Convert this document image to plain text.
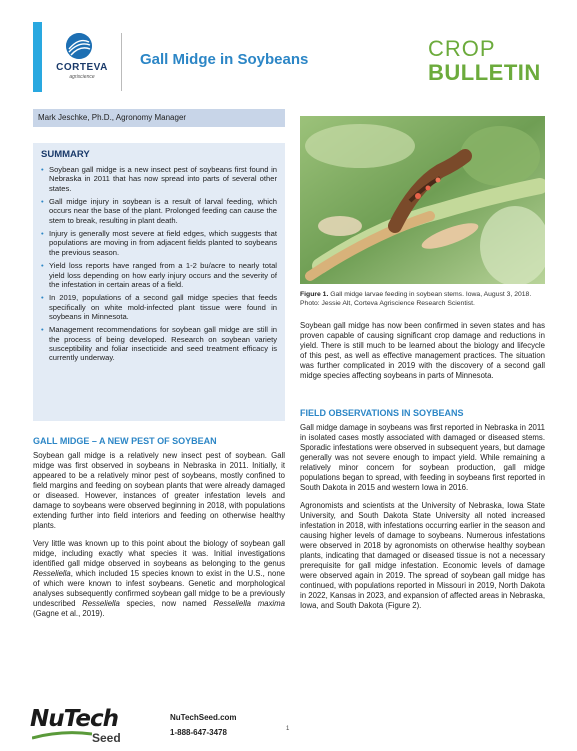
CORTEVA
agriscience
Gall Midge in Soybeans	CROP
BULLETIN
Mark Jeschke, Ph.D., Agronomy Manager
SUMMARY
• Soybean gall midge is a new insect pest of soybeans first found in Nebraska in 2011 that has now spread into parts of several other states.
• Gall midge injury in soybean is a result of larval feeding, which occurs near the base of the plant. Prolonged feeding can cause the stem to break, resulting in plant death.
• Injury is generally most severe at field edges, which suggests that populations are moving in from adjacent fields planted to soybeans the previous season.
• Yield loss reports have ranged from a 1-2 bu/acre to nearly total yield loss depending on how early injury occurs and the severity of the infestation in certain areas of a field.
• In 2019, populations of a second gall midge species that feeds specifically on white mold-infected plant tissue were found in soybeans in Minnesota.
• Management recommendations for soybean gall midge are still in the process of being developed. Research on soybean variety susceptibility and foliar insecticide and seed treatment efficacy is currently underway.
GALL MIDGE – A NEW PEST OF SOYBEAN

Soybean gall midge is a relatively new insect pest of soybean. Gall midge was first observed in soybeans in Nebraska in 2011. Initially, it appeared to be a relatively minor pest of soybeans, mostly confined to field margins and feeding on soybean plants that were already damaged or diseased. However, instances of greater infestation levels and damage to soybeans were observed beginning in 2018, with populations extending further into field interiors and feeding on otherwise healthy plants.

Very little was known up to this point about the biology of soybean gall midge, including exactly what species it was. Initial investigations identified gall midge observed in soybeans as belonging to the genus Resseliella, which included 15 species known to exist in the U.S., none of which were known to infest soybeans. Genetic and morphological analyses subsequently confirmed soybean gall midge to be a previously undescribed Resseliella species, now named Resseliella maxima (Gagne et al., 2019).

Figure 1. Gall midge larvae feeding in soybean stems. Iowa, August 3, 2018. Photo: Jessie Alt, Corteva Agriscience Research Scientist.

Soybean gall midge has now been confirmed in seven states and has proven capable of causing significant crop damage and reductions in yield. There is still much to be learned about the biology and lifecycle of this pest, as well as effective management practices. The situation was further complicated in 2019 with the discovery of a second gall midge species affecting soybeans in parts of Minnesota.

FIELD OBSERVATIONS IN SOYBEANS

Gall midge damage in soybeans was first reported in Nebraska in 2011 in isolated cases mostly associated with damaged or diseased stems. Sporadic infestations were observed in subsequent years, but damage generally was not severe enough to impact yield. While remaining a relatively minor concern for soybean production, gall midge populations began to spread, with feeding in soybeans first reported in South Dakota in 2015 and western Iowa in 2016.

Agronomists and scientists at the University of Nebraska, Iowa State University, and South Dakota State University all noted increased infestation in 2018, with infestations occurring earlier in the season and causing higher levels of damage to soybeans. Numerous infestations were observed in 2018 by agronomists on otherwise healthy soybean plants, indicating that damaged or diseased tissue is not a necessary prerequisite for gall midge infestation. Economic levels of damage were observed again in 2019. The spread of soybean gall midge has continued, with populations reported in Missouri in 2019, North Dakota in 2022, Kansas in 2023, and expansion of affected areas in Nebraska, Iowa, and South Dakota (Figure 2).

NuTech
Seed
NuTechSeed.com
1-888-647-3478	1
